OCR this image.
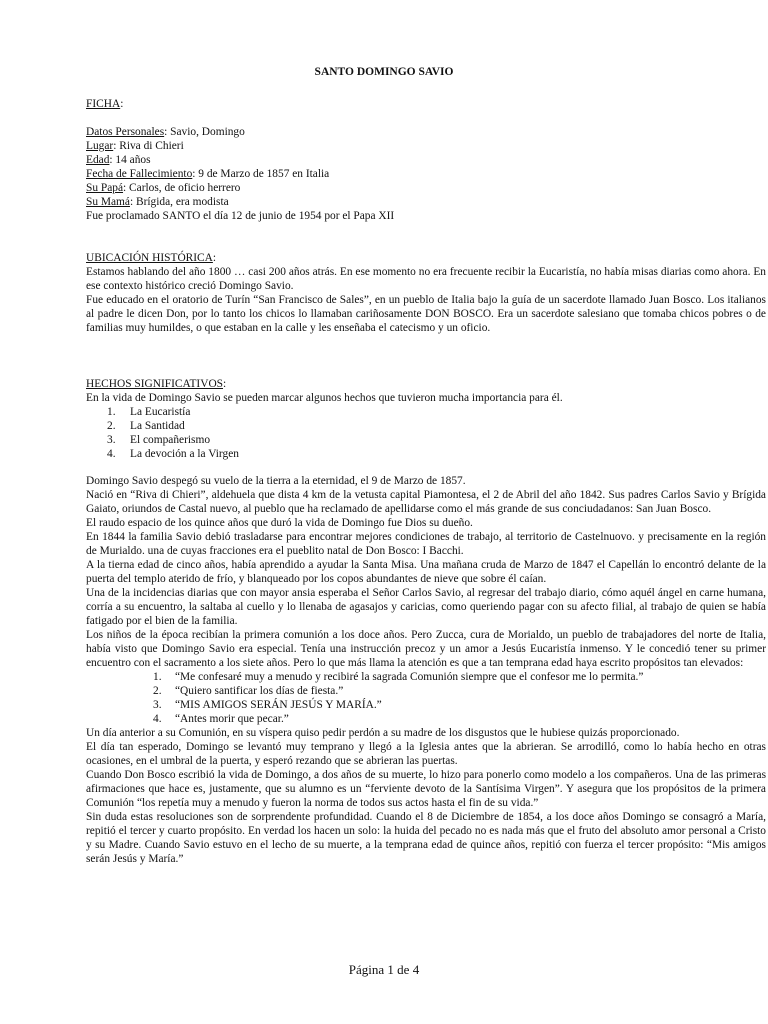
SANTO DOMINGO SAVIO
FICHA:
Datos Personales: Savio, Domingo
Lugar: Riva di Chieri
Edad: 14 años
Fecha de Fallecimiento: 9 de Marzo de 1857 en Italia
Su Papá: Carlos, de oficio herrero
Su Mamá: Brígida, era modista
Fue proclamado SANTO el día 12 de junio de 1954 por el Papa XII
UBICACIÓN HISTÓRICA:
Estamos hablando del año 1800 … casi 200 años atrás. En ese momento no era frecuente recibir la Eucaristía, no había misas diarias como ahora. En ese contexto histórico creció Domingo Savio.
Fue educado en el oratorio de Turín “San Francisco de Sales”, en un pueblo de Italia bajo la guía de un sacerdote llamado Juan Bosco. Los italianos al padre le dicen Don, por lo tanto los chicos lo llamaban cariñosamente DON BOSCO. Era un sacerdote salesiano que tomaba chicos pobres o de familias muy humildes, o que estaban en la calle y les enseñaba el catecismo y un oficio.
HECHOS SIGNIFICATIVOS:
En la vida de Domingo Savio se pueden marcar algunos hechos que tuvieron mucha importancia para él.
1. La Eucaristía
2. La Santidad
3. El compañerismo
4. La devoción a la Virgen
Domingo Savio despegó su vuelo de la tierra a la eternidad, el 9 de Marzo de 1857.
Nació en “Riva di Chieri”, aldehuela que dista 4 km de la vetusta capital Piamontesa, el 2 de Abril del año 1842. Sus padres Carlos Savio y Brígida Gaiato, oriundos de Castal nuevo, al pueblo que ha reclamado de apellidarse como el más grande de sus conciudadanos: San Juan Bosco.
El raudo espacio de los quince años que duró la vida de Domingo fue Dios su dueño.
En 1844 la familia Savio debió trasladarse para encontrar mejores condiciones de trabajo, al territorio de Castelnuovo. y precisamente en la región de Murialdo. una de cuyas fracciones era el pueblito natal de Don Bosco: I Bacchi.
A la tierna edad de cinco años, había aprendido a ayudar la Santa Misa. Una mañana cruda de Marzo de 1847 el Capellán lo encontró delante de la puerta del templo aterido de frío, y blanqueado por los copos abundantes de nieve que sobre él caían.
Una de la incidencias diarias que con mayor ansia esperaba el Señor Carlos Savio, al regresar del trabajo diario, cómo aquél ángel en carne humana, corría a su encuentro, la saltaba al cuello y lo llenaba de agasajos y caricias, como queriendo pagar con su afecto filial, al trabajo de quien se había fatigado por el bien de la familia.
Los niños de la época recibían la primera comunión a los doce años. Pero Zucca, cura de Morialdo, un pueblo de trabajadores del norte de Italia, había visto que Domingo Savio era especial. Tenía una instrucción precoz y un amor a Jesús Eucaristía inmenso. Y le concedió tener su primer encuentro con el sacramento a los siete años. Pero lo que más llama la atención es que a tan temprana edad haya escrito propósitos tan elevados:
1. “Me confesaré muy a menudo y recibiré la sagrada Comunión siempre que el confesor me lo permita.”
2. “Quiero santificar los días de fiesta.”
3. “MIS AMIGOS SERÁN JESÚS Y MARÍA.”
4. “Antes morir que pecar.”
Un día anterior a su Comunión, en su víspera quiso pedir perdón a su madre de los disgustos que le hubiese quizás proporcionado.
El día tan esperado, Domingo se levantó muy temprano y llegó a la Iglesia antes que la abrieran. Se arrodilló, como lo había hecho en otras ocasiones, en el umbral de la puerta, y esperó rezando que se abrieran las puertas.
Cuando Don Bosco escribió la vida de Domingo, a dos años de su muerte, lo hizo para ponerlo como modelo a los compañeros. Una de las primeras afirmaciones que hace es, justamente, que su alumno es un “ferviente devoto de la Santísima Virgen”. Y asegura que los propósitos de la primera Comunión “los repetía muy a menudo y fueron la norma de todos sus actos hasta el fin de su vida.”
Sin duda estas resoluciones son de sorprendente profundidad. Cuando el 8 de Diciembre de 1854, a los doce años Domingo se consagró a María, repitió el tercer y cuarto propósito. En verdad los hacen un solo: la huida del pecado no es nada más que el fruto del absoluto amor personal a Cristo y su Madre. Cuando Savio estuvo en el lecho de su muerte, a la temprana edad de quince años, repitió con fuerza el tercer propósito: “Mis amigos serán Jesús y María.”
Página 1 de 4
